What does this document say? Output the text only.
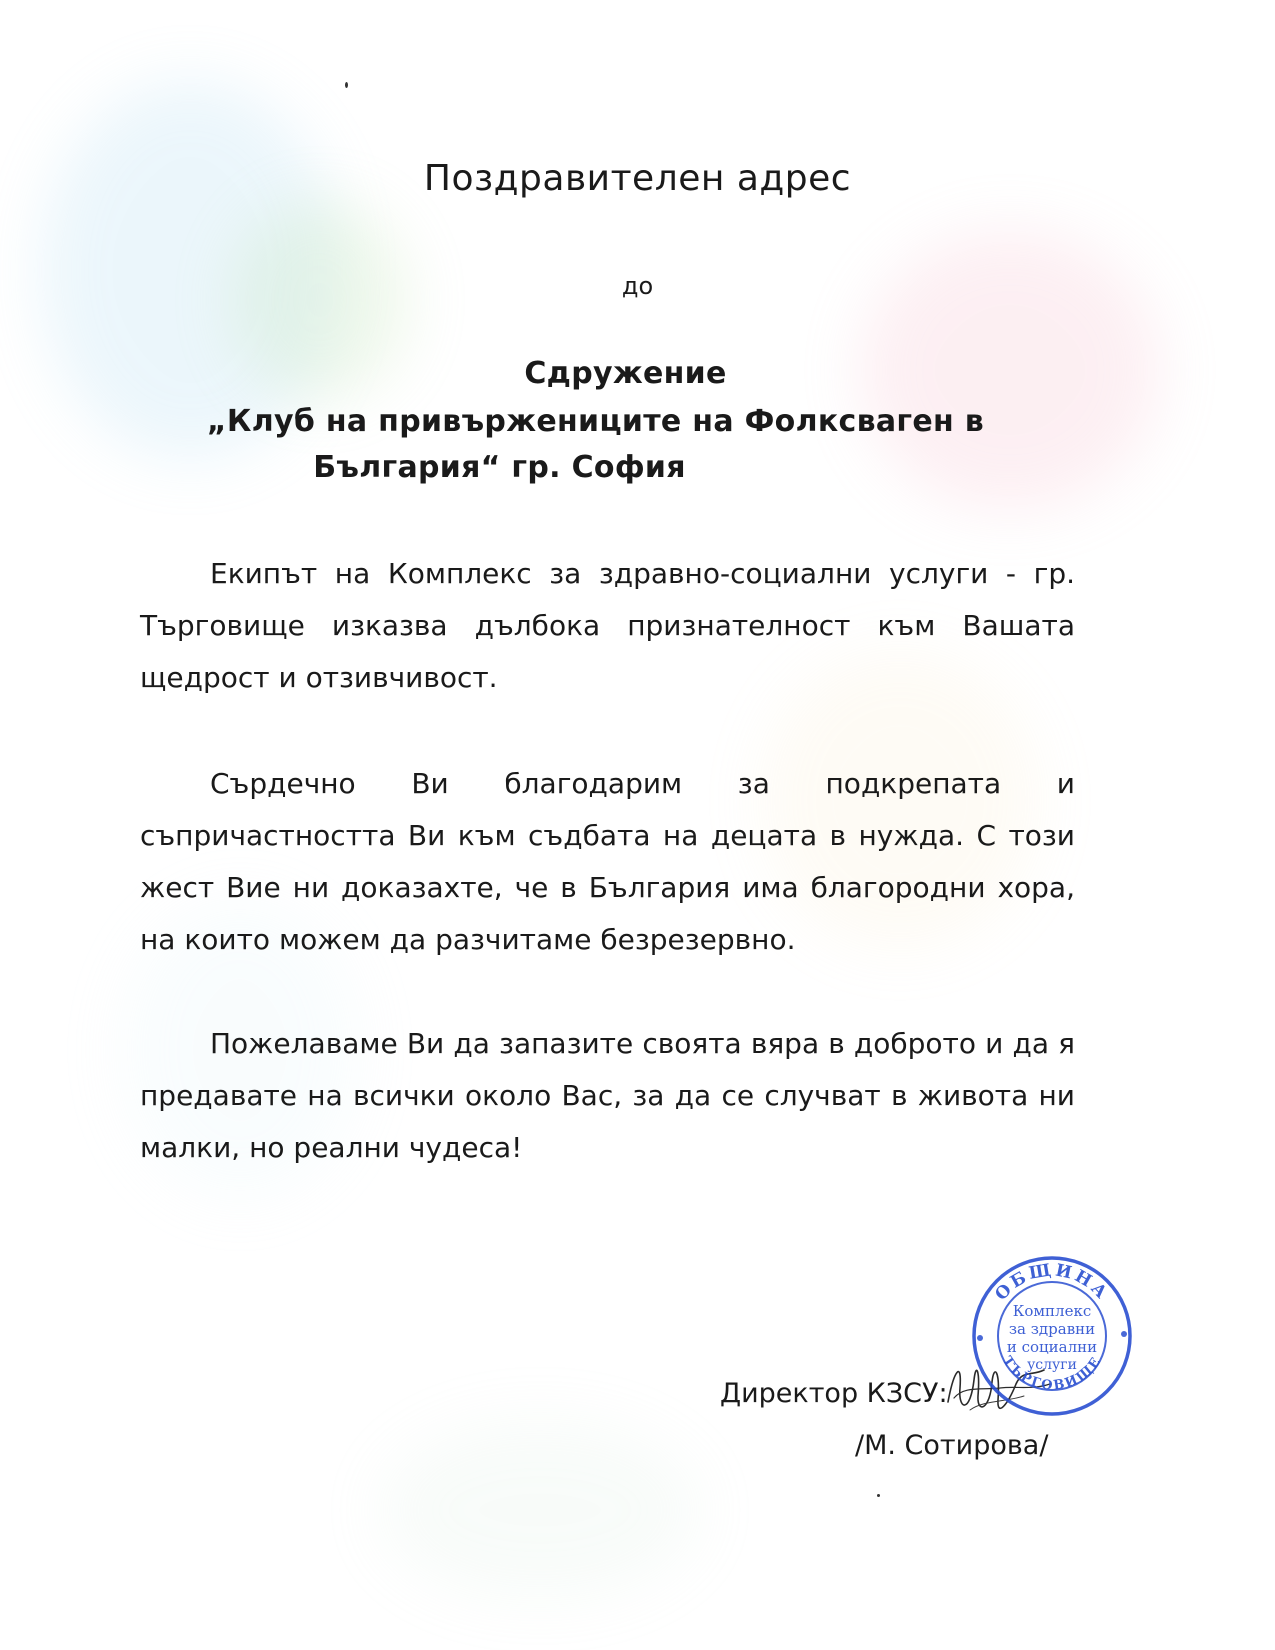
Поздравителен адрес
до
Сдружение
„Клуб на привържениците на Фолксваген в
България“ гр. София

Екипът на Комплекс за здравно-социални услуги - гр. Търговище изказва дълбока признателност към Вашата щедрост и отзивчивост.

Сърдечно Ви благодарим за подкрепата и съпричастността Ви към съдбата на децата в нужда. С този жест Вие ни доказахте, че в България има благородни хора, на които можем да разчитаме безрезервно.

Пожелаваме Ви да запазите своята вяра в доброто и да я предавате на всички около Вас, за да се случват в живота ни малки, но реални чудеса!

Директор КЗСУ:
ОБЩИНА
ТЪРГОВИЩЕ
Комплекс
за здравни
и социални
услуги
/М. Сотирова/
